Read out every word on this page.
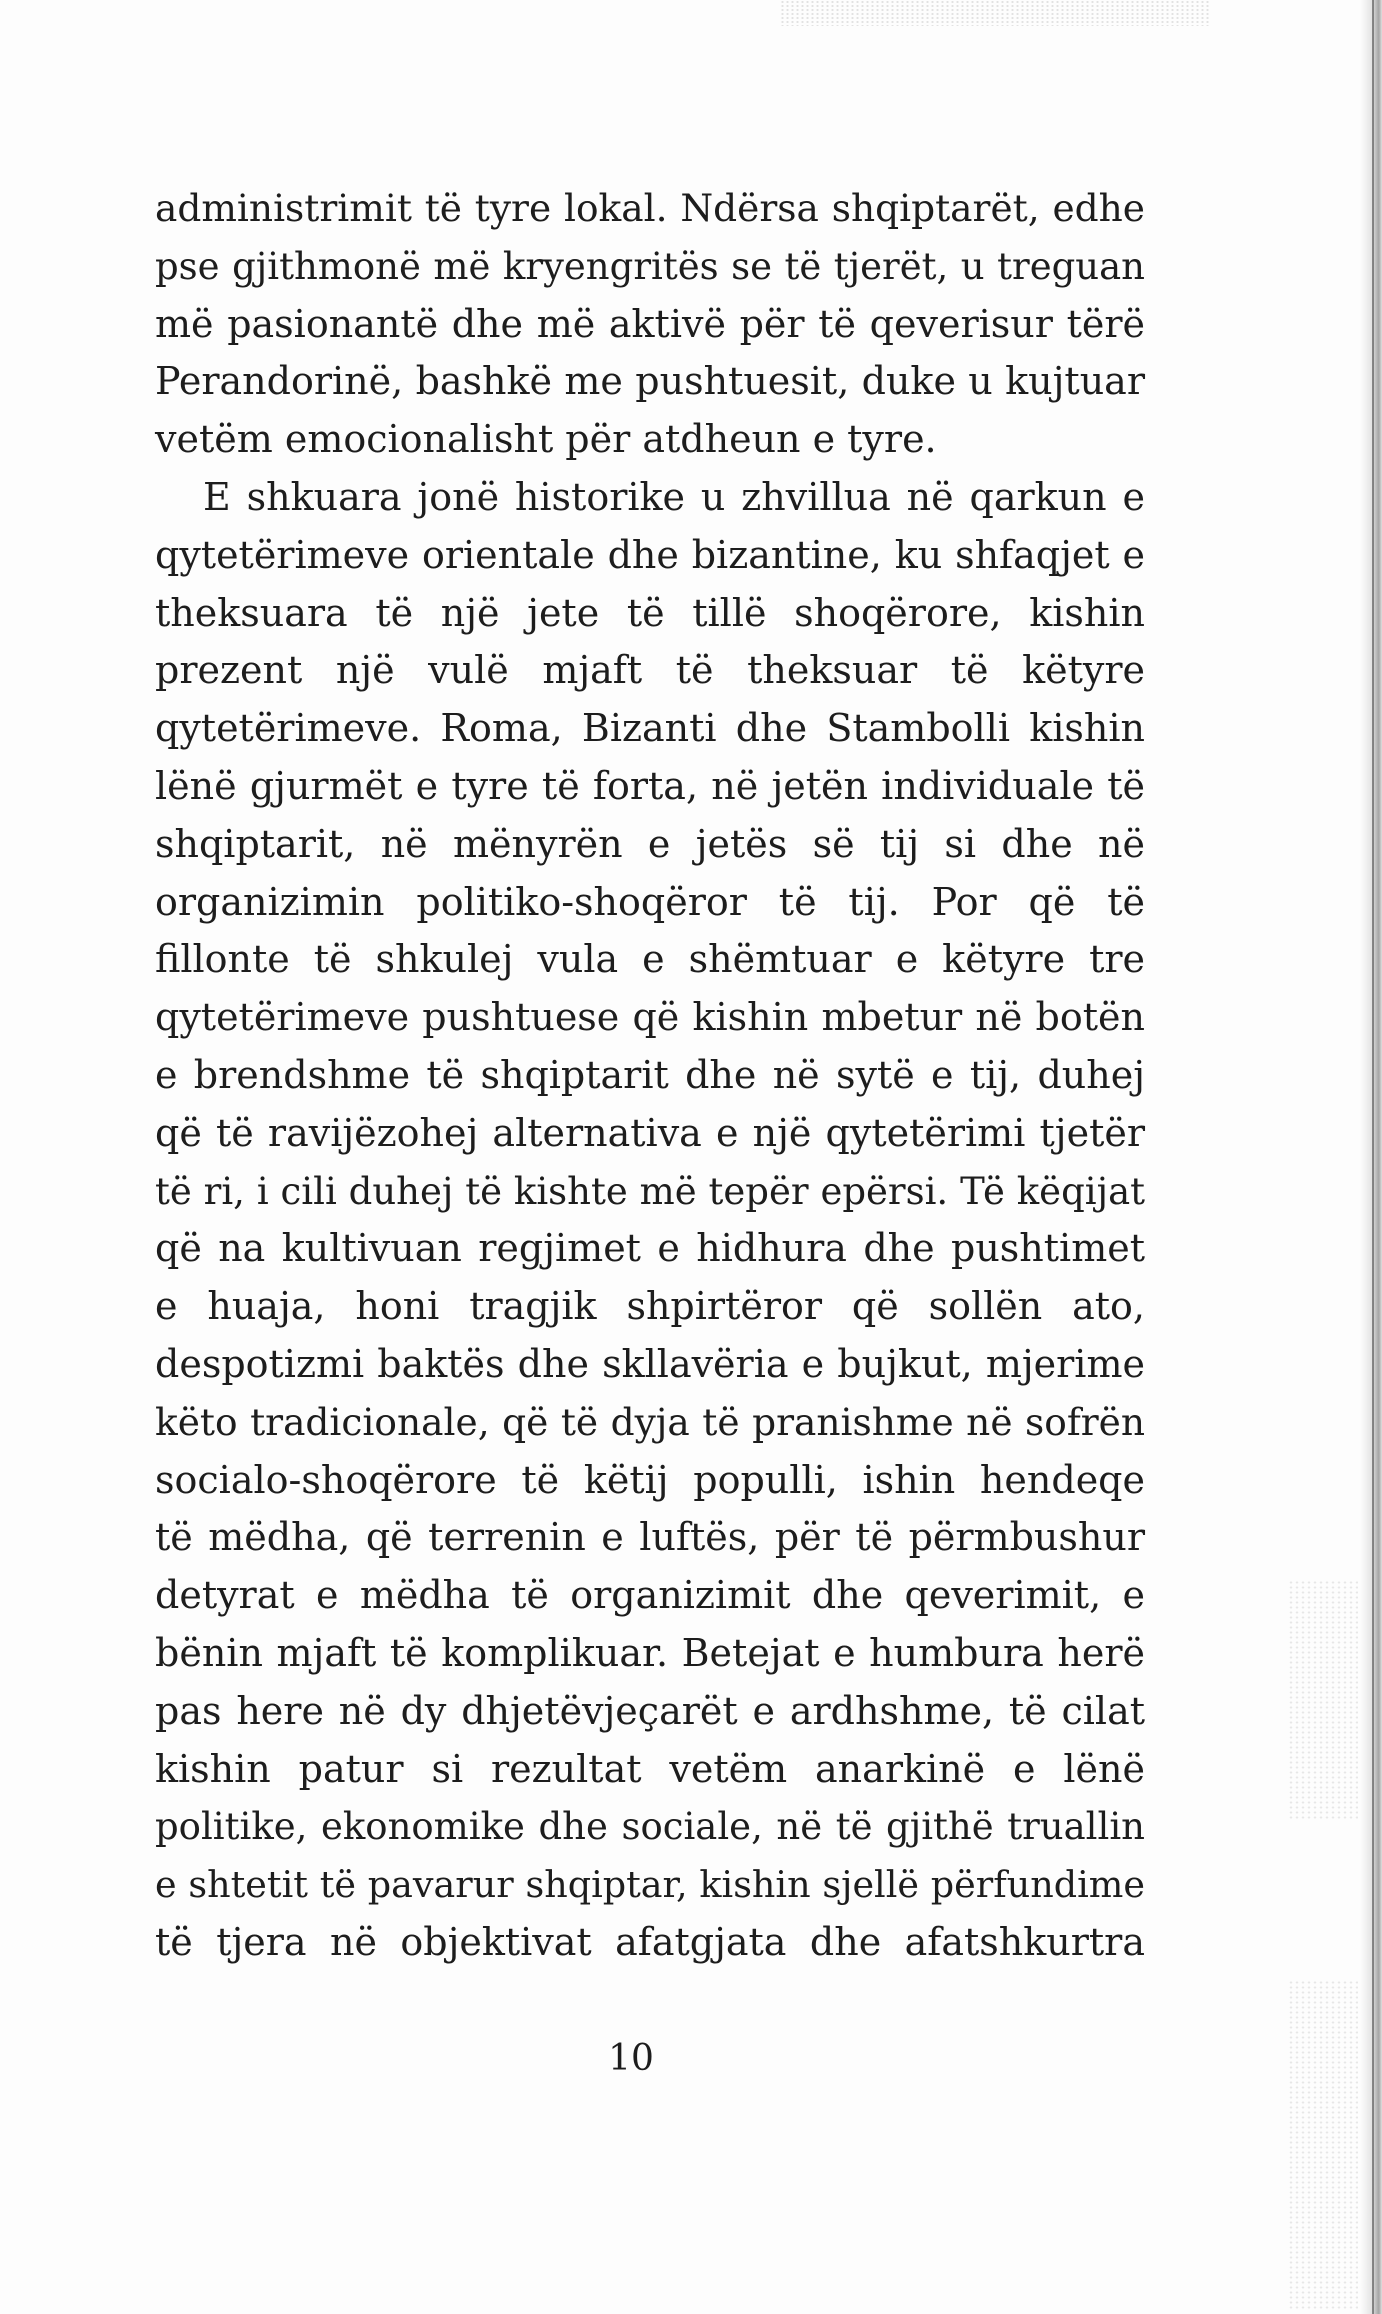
administrimit të tyre lokal. Ndërsa shqiptarët, edhe
pse gjithmonë më kryengritës se të tjerët, u treguan
më pasionantë dhe më aktivë për të qeverisur tërë
Perandorinë, bashkë me pushtuesit, duke u kujtuar
vetëm emocionalisht për atdheun e tyre.
E shkuara jonë historike u zhvillua në qarkun e
qytetërimeve orientale dhe bizantine, ku shfaqjet e
theksuara të një jete të tillë shoqërore, kishin
prezent një vulë mjaft të theksuar të këtyre
qytetërimeve. Roma, Bizanti dhe Stambolli kishin
lënë gjurmët e tyre të forta, në jetën individuale të
shqiptarit, në mënyrën e jetës së tij si dhe në
organizimin politiko-shoqëror të tij. Por që të
fillonte të shkulej vula e shëmtuar e këtyre tre
qytetërimeve pushtuese që kishin mbetur në botën
e brendshme të shqiptarit dhe në sytë e tij, duhej
që të ravijëzohej alternativa e një qytetërimi tjetër
të ri, i cili duhej të kishte më tepër epërsi. Të këqijat
që na kultivuan regjimet e hidhura dhe pushtimet
e huaja, honi tragjik shpirtëror që sollën ato,
despotizmi baktës dhe skllavëria e bujkut, mjerime
këto tradicionale, që të dyja të pranishme në sofrën
socialo-shoqërore të këtij populli, ishin hendeqe
të mëdha, që terrenin e luftës, për të përmbushur
detyrat e mëdha të organizimit dhe qeverimit, e
bënin mjaft të komplikuar. Betejat e humbura herë
pas here në dy dhjetëvjeçarët e ardhshme, të cilat
kishin patur si rezultat vetëm anarkinë e lënë
politike, ekonomike dhe sociale, në të gjithë truallin
e shtetit të pavarur shqiptar, kishin sjellë përfundime
të tjera në objektivat afatgjata dhe afatshkurtra
10
